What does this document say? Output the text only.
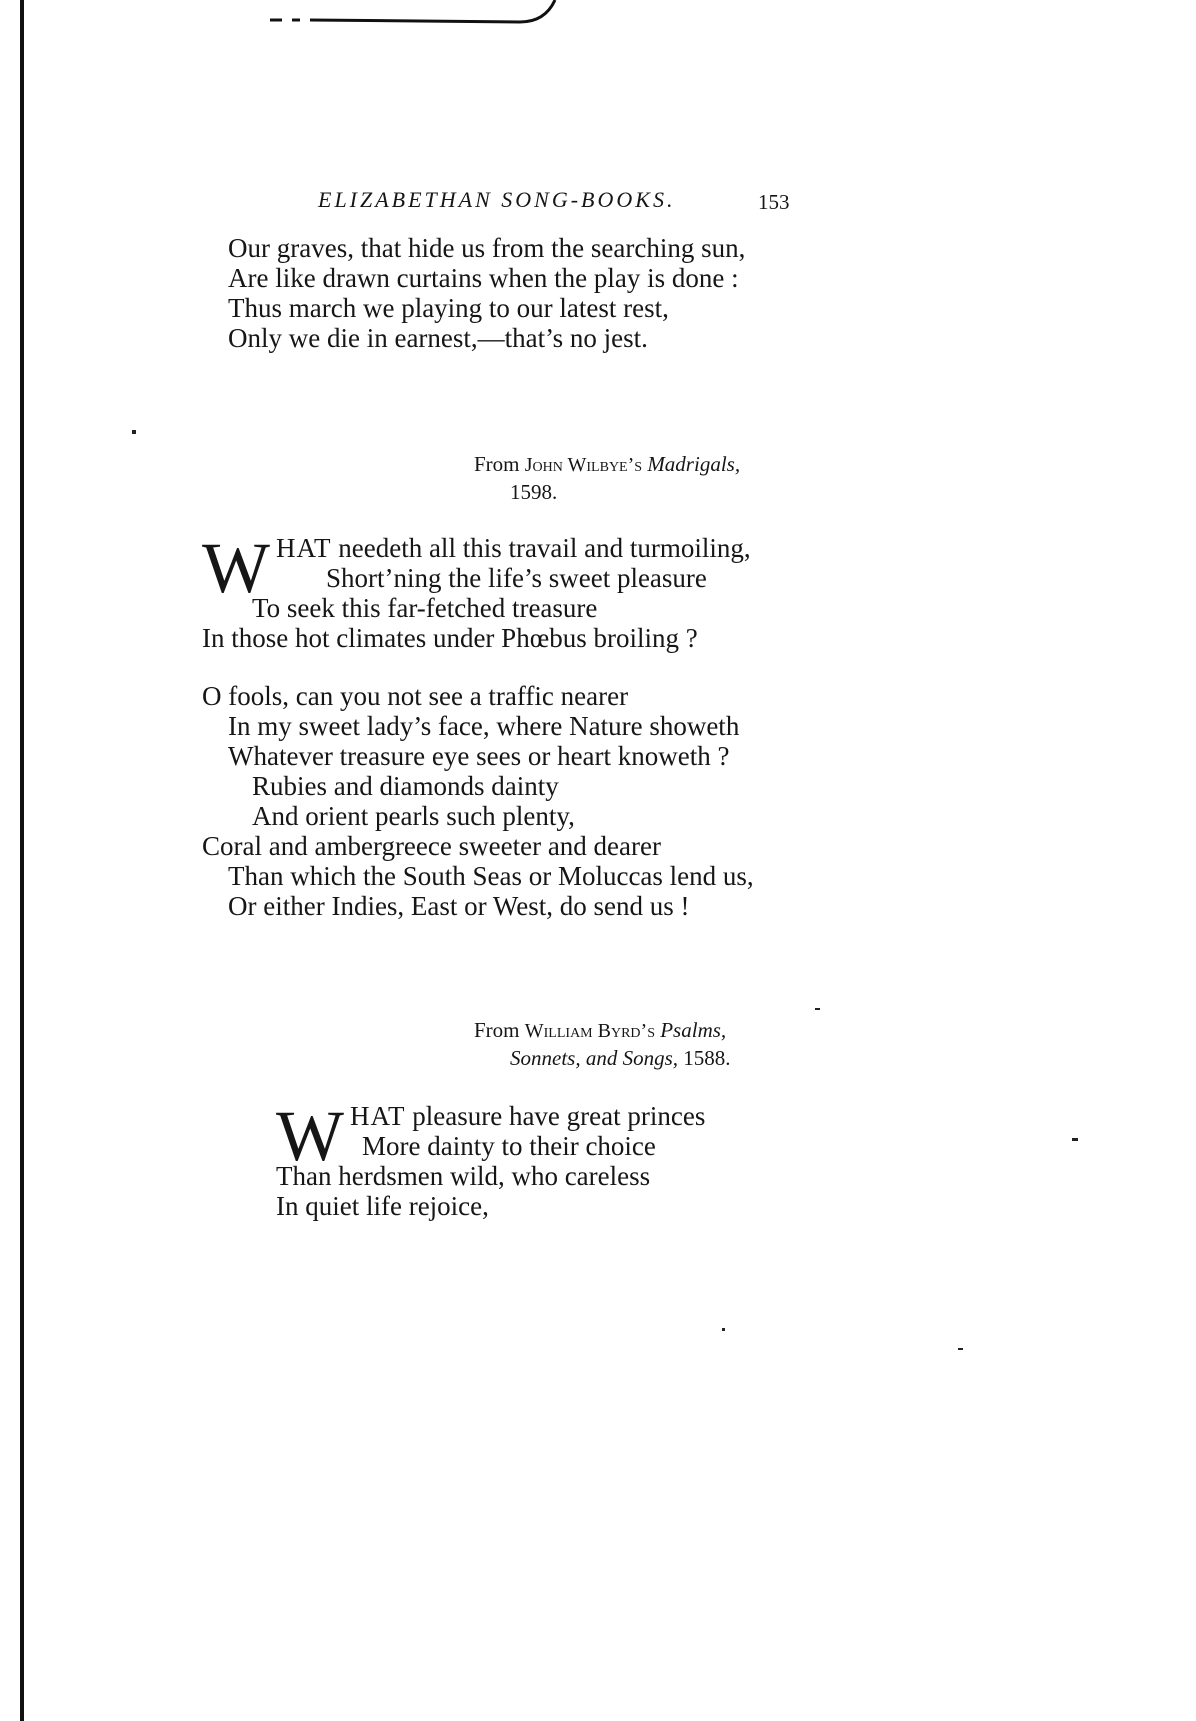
ELIZABETHAN SONG-BOOKS.	153
Our graves, that hide us from the searching sun,
Are like drawn curtains when the play is done :
Thus march we playing to our latest rest,
Only we die in earnest,—that’s no jest.
From John Wilbye’s Madrigals,
1598.
W HAT needeth all this travail and turmoiling,
Short’ning the life’s sweet pleasure
To seek this far-fetched treasure
In those hot climates under Phœbus broiling ?
O fools, can you not see a traffic nearer
In my sweet lady’s face, where Nature showeth
Whatever treasure eye sees or heart knoweth ?
Rubies and diamonds dainty
And orient pearls such plenty,
Coral and ambergreece sweeter and dearer
Than which the South Seas or Moluccas lend us,
Or either Indies, East or West, do send us !
From William Byrd’s Psalms,
Sonnets, and Songs, 1588.
W HAT pleasure have great princes
More dainty to their choice
Than herdsmen wild, who careless
In quiet life rejoice,
